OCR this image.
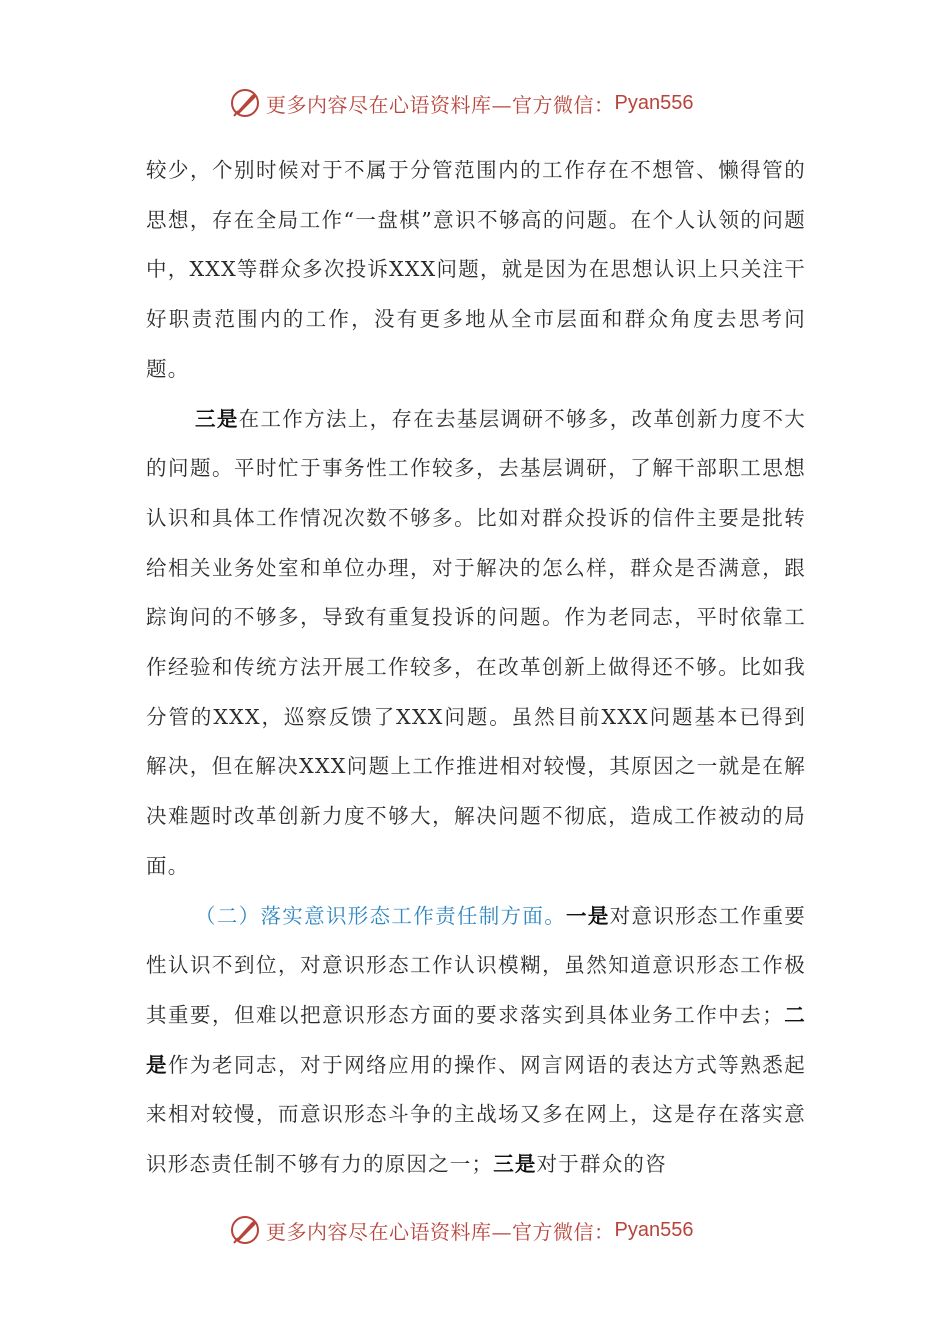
更多内容尽在心语资料库—官方微信： Pyan556

较少，个别时候对于不属于分管范围内的工作存在不想管、懒得管的思想，存在全局工作“一盘棋”意识不够高的问题。在个人认领的问题中，XXX等群众多次投诉XXX问题，就是因为在思想认识上只关注干好职责范围内的工作，没有更多地从全市层面和群众角度去思考问题。

三是在工作方法上，存在去基层调研不够多，改革创新力度不大的问题。平时忙于事务性工作较多，去基层调研，了解干部职工思想认识和具体工作情况次数不够多。比如对群众投诉的信件主要是批转给相关业务处室和单位办理，对于解决的怎么样，群众是否满意，跟踪询问的不够多，导致有重复投诉的问题。作为老同志，平时依靠工作经验和传统方法开展工作较多，在改革创新上做得还不够。比如我分管的XXX，巡察反馈了XXX问题。虽然目前XXX问题基本已得到解决，但在解决XXX问题上工作推进相对较慢，其原因之一就是在解决难题时改革创新力度不够大，解决问题不彻底，造成工作被动的局面。

（二）落实意识形态工作责任制方面。一是对意识形态工作重要性认识不到位，对意识形态工作认识模糊，虽然知道意识形态工作极其重要，但难以把意识形态方面的要求落实到具体业务工作中去；二是作为老同志，对于网络应用的操作、网言网语的表达方式等熟悉起来相对较慢，而意识形态斗争的主战场又多在网上，这是存在落实意识形态责任制不够有力的原因之一；三是对于群众的咨

更多内容尽在心语资料库—官方微信： Pyan556
